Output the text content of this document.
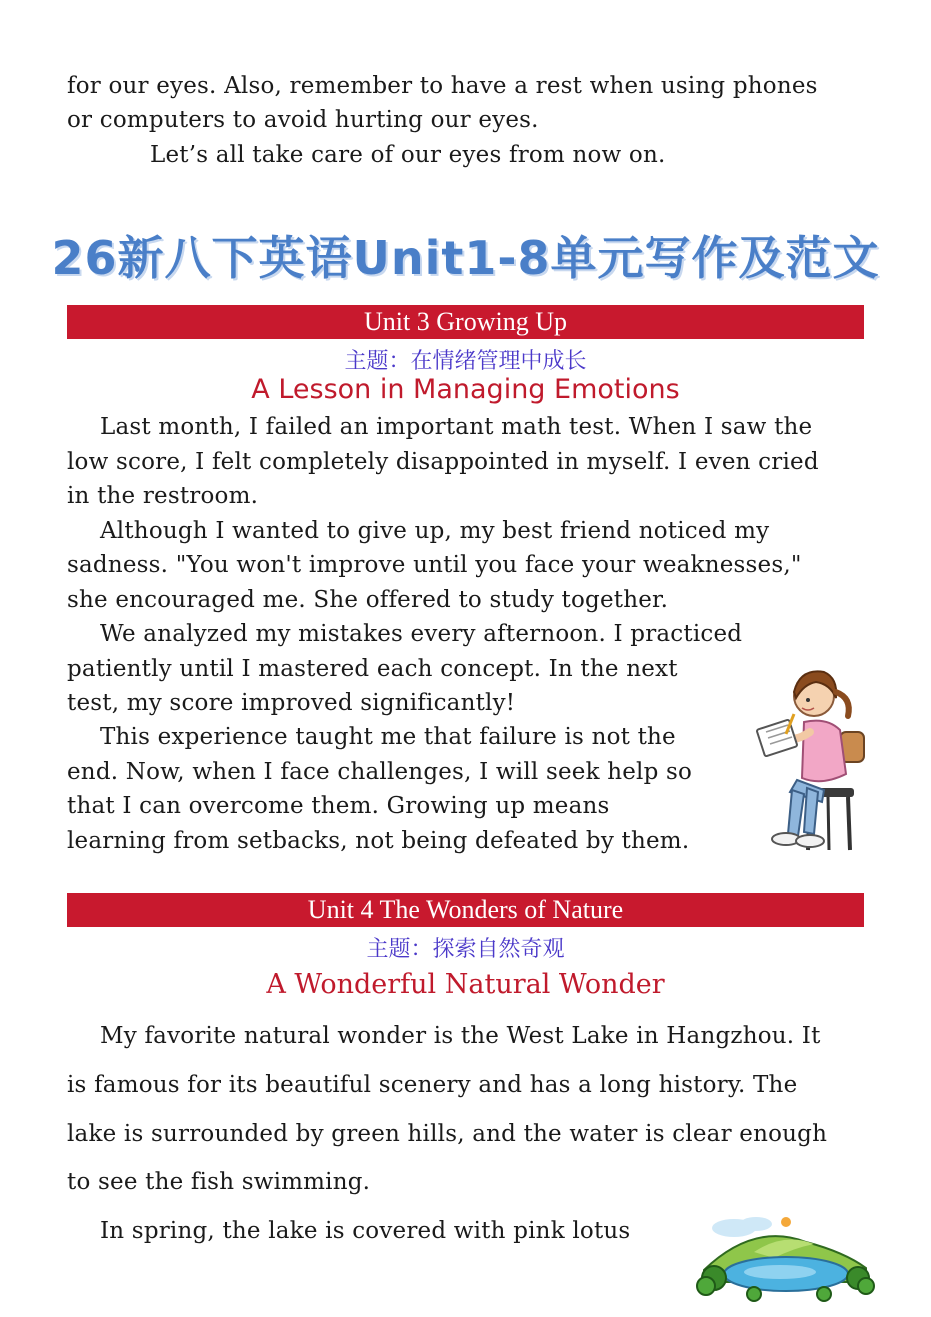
for our eyes. Also, remember to have a rest when using phones
or computers to avoid hurting our eyes.
Let’s all take care of our eyes from now on.
26新八下英语Unit1-8单元写作及范文
Unit 3 Growing Up
主题：在情绪管理中成长
A Lesson in Managing Emotions
Last month, I failed an important math test. When I saw the
low score, I felt completely disappointed in myself. I even cried
in the restroom.
Although I wanted to give up, my best friend noticed my
sadness. "You won't improve until you face your weaknesses,"
she encouraged me. She offered to study together.
We analyzed my mistakes every afternoon. I practiced
patiently until I mastered each concept. In the next
test, my score improved significantly!
This experience taught me that failure is not the
end. Now, when I face challenges, I will seek help so
that I can overcome them. Growing up means
learning from setbacks, not being defeated by them.
Unit 4 The Wonders of Nature
主题：探索自然奇观
A Wonderful Natural Wonder
My favorite natural wonder is the West Lake in Hangzhou. It
is famous for its beautiful scenery and has a long history. The
lake is surrounded by green hills, and the water is clear enough
to see the fish swimming.
In spring, the lake is covered with pink lotus
